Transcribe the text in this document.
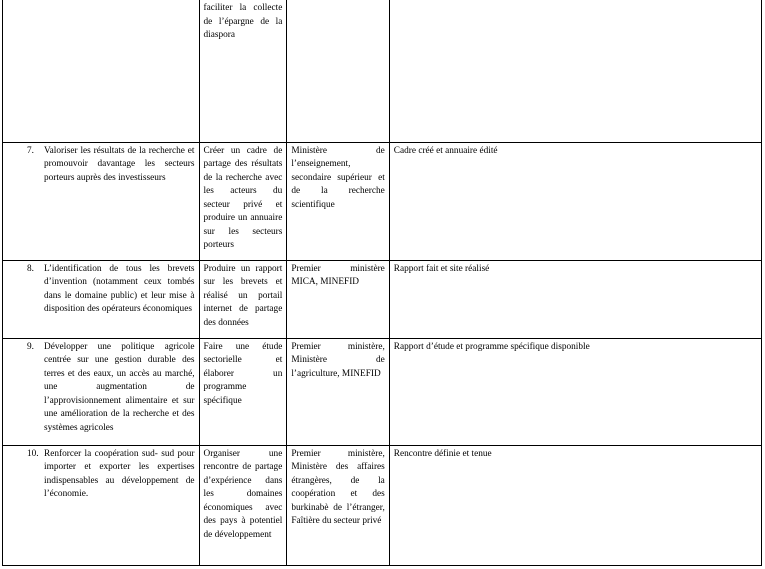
	faciliter la collecte de l’épargne de la diaspora		

7. Valoriser les résultats de la recherche et promouvoir davantage les secteurs porteurs auprès des investisseurs	Créer un cadre de partage des résultats de la recherche avec les acteurs du secteur privé et produire un annuaire sur les secteurs porteurs	Ministère de l’enseignement, secondaire supérieur et de la recherche scientifique	Cadre créé et annuaire édité

8. L’identification de tous les brevets d’invention (notamment ceux tombés dans le domaine public) et leur mise à disposition des opérateurs économiques	Produire un rapport sur les brevets et réalisé un portail internet de partage des données	Premier ministère MICA, MINEFID	Rapport fait et site réalisé

9. Développer une politique agricole centrée sur une gestion durable des terres et des eaux, un accès au marché, une augmentation de l’approvisionnement alimentaire et sur une amélioration de la recherche et des systèmes agricoles	Faire une étude sectorielle et élaborer un programme spécifique	Premier ministère, Ministère de l’agriculture, MINEFID	Rapport d’étude et programme spécifique disponible

10. Renforcer la coopération sud- sud pour importer et exporter les expertises indispensables au développement de l’économie.	Organiser une rencontre de partage d’expérience dans les domaines économiques avec des pays à potentiel de développement	Premier ministère, Ministère des affaires étrangères, de la coopération et des burkinabè de l’étranger, Faîtière du secteur privé	Rencontre définie et tenue
